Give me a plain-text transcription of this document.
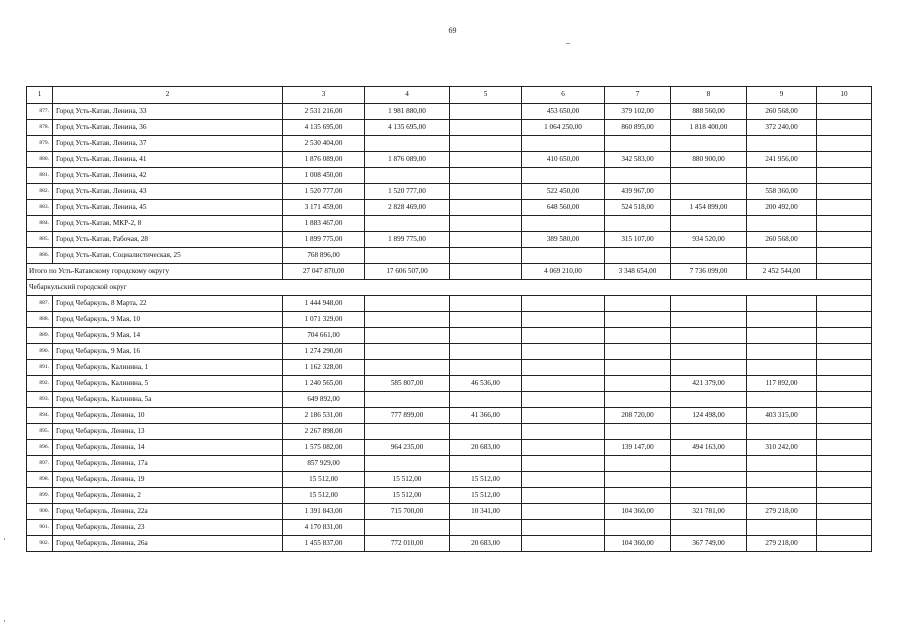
69
1	2	3	4	5	6	7	8	9	10
877.	Город Усть-Катав, Ленина, 33	2 531 216,00	1 981 880,00		453 650,00	379 102,00	888 560,00	260 568,00	
878.	Город Усть-Катав, Ленина, 36	4 135 695,00	4 135 695,00		1 064 250,00	860 895,00	1 818 400,00	372 240,00	
879.	Город Усть-Катав, Ленина, 37	2 530 404,00							
880.	Город Усть-Катав, Ленина, 41	1 876 089,00	1 876 089,00		410 650,00	342 583,00	880 900,00	241 956,00	
881.	Город Усть-Катав, Ленина, 42	1 008 450,00							
882.	Город Усть-Катав, Ленина, 43	1 520 777,00	1 520 777,00		522 450,00	439 967,00		558 360,00	
883.	Город Усть-Катав, Ленина, 45	3 171 459,00	2 828 469,00		648 560,00	524 518,00	1 454 899,00	200 492,00	
884.	Город Усть-Катав, МКР-2, 8	1 883 467,00							
885.	Город Усть-Катав, Рабочая, 28	1 899 775,00	1 899 775,00		389 580,00	315 107,00	934 520,00	260 568,00	
886.	Город Усть-Катав, Социалистическая, 25	768 896,00							
Итого по Усть-Катавскому городскому округу		27 047 870,00	17 606 507,00		4 069 210,00	3 348 654,00	7 736 099,00	2 452 544,00	
Чебаркульский городской округ									
887.	Город Чебаркуль, 8 Марта, 22	1 444 948,00							
888.	Город Чебаркуль, 9 Мая, 10	1 071 329,00							
889.	Город Чебаркуль, 9 Мая, 14	704 661,00							
890.	Город Чебаркуль, 9 Мая, 16	1 274 290,00							
891.	Город Чебаркуль, Калинина, 1	1 162 328,00							
892.	Город Чебаркуль, Калинина, 5	1 240 565,00	585 807,00	46 536,00			421 379,00	117 892,00	
893.	Город Чебаркуль, Калинина, 5а	649 892,00							
894.	Город Чебаркуль, Ленина, 10	2 186 531,00	777 899,00	41 366,00		208 720,00	124 498,00	403 315,00	
895.	Город Чебаркуль, Ленина, 13	2 267 898,00							
896.	Город Чебаркуль, Ленина, 14	1 575 082,00	964 235,00	20 683,00		139 147,00	494 163,00	310 242,00	
897.	Город Чебаркуль, Ленина, 17а	857 929,00							
898.	Город Чебаркуль, Ленина, 19	15 512,00	15 512,00	15 512,00					
899.	Город Чебаркуль, Ленина, 2	15 512,00	15 512,00	15 512,00					
900.	Город Чебаркуль, Ленина, 22а	1 391 843,00	715 700,00	10 341,00		104 360,00	321 781,00	279 218,00	
901.	Город Чебаркуль, Ленина, 23	4 170 831,00							
902.	Город Чебаркуль, Ленина, 26а	1 455 837,00	772 010,00	20 683,00		104 360,00	367 749,00	279 218,00	
